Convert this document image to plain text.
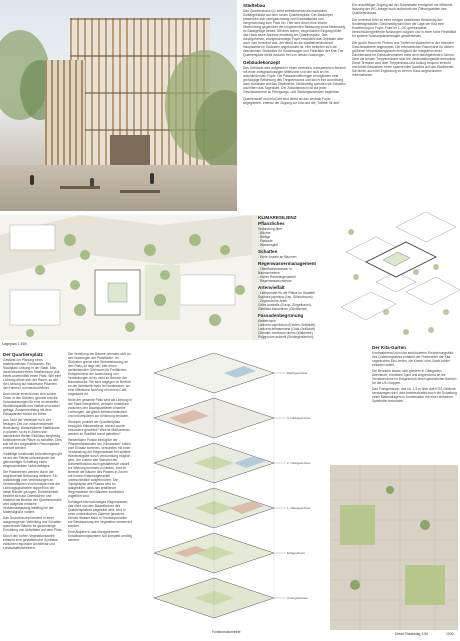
Städtebau

Das Quartiershaus Q1 steht selbstbewusst als markantes Solitärgebäude auf dem neuen Quartiersplatz. Der Baukörper präsentiert sich zweigeschossig zum Kleeblattplatz und viergeschossig zum Platz hin. Hier wird durch eine leichte Überhöhung gegenüber der umgebenden Bebauung seine Bedeutung im Stadtgefüge betont. Mit dem hohen, eingerückten Eingang bildet das Haus seine Adresse eindeutig am Quartiersplatz. Das durchgehende, zweigeschossige Foyer erschließt das Gebäude aber auch vom Innenhof aus, der direkt an die stadtteilverbindende Hauptachse im Südosten angebunden ist. Hier befinden sich die überdachten Stellplätze für Kinderwagen und Fahrräder der Kita. Der Quartiersplatz bleibt dadurch frei von diesen Nutzungen.

Gebäudekonzept

Das Gebäude wird aufgeteilt in einen zentralen, transparenten Bereich mit einer zweigeschossigen Mittelzone und den sich an ihn anschließenden Foyer. Die Fassadenöffnungen ermöglichen eine großzügige Belichtung des Treppenraums und durch ihre Anordnung auch Ausblicke auf das Stadtviertel. Gleichzeitig spenden sie Schatten und filtern das Tageslicht. Der Zwischenraum ist auf jeder Geschossebene zu Reinigungs- und Wartungszwecken begehbar.

Quartierstreff und InfoCafé sind direkt an das zentrale Foyer angegliedert, ebenso der Zugang zur Kita und die „Toilette für alle“.

Ein unauffälliger Zugang auf der Südostseite ermöglicht die effiziente Nutzung der WC-Anlage auch außerhalb der Öffnungszeiten des Quartiershauses.

Der Innenhof führt zu einer ruhigen natürlichen Belichtung der Kindertagesstätte. Gleichzeitig wird über die Lage der Kita eine Erweiterung im Foyer, Flure im 1. OG gemeinsame, bereichsübergreifende Nutzungen möglich und in einer hohe Flexibilität für spätere Nutzungsänderungen gewährleistet.

Der große Raum für Proben und Treffen ist stützenfrei in der obersten Geschossebene angeordnet. Die erforderlichen Raumhöhe für diesen größeren Veranstaltungsraum ermöglicht die Integration einer Dachterrasse im Gebäudevolumen unter dem durchgehenden Schirm. Über die beiden Treppenhäuser sind die Veranstaltungssäle erreichbar. Diese Terrasse wird über Treppenhaus und Aufzug bequem erreicht und bietet Besuchern einen spannenden Ausblick auf das Stadtviertel. Sie bleibt, auch bei Ergänzung zu den im Haus angeordneten Informationen.

Lageplan 1:500

KLIMARESILIENZ

Pflanzliches

Verbindung über

- Bäume

- Beläge

- Fassade

- Wasserspiel

Schatten

- Hohe Anzahl an Bäumen

Regenwassermanagement

- Oberflächenwasser in

Baumscheiben

- Hoher Rasenfugenanteil

- Regenwasserzisterne

Artenvielfalt

- Leitbaumart für die Plätze im Stadtteil

Sophora japonica (Jap. Schnurbaum)

- Zugeordnete Arten

Celtis australis (Europ. Zürgelbaum),

Gleditsia triacanthos (Gleditschie)

Fassadenbegrünung

Kletterrosen

Lonicera caprifolium (Echtes Geißblatt)

Lonicera tellmanniana (Gold-Geißblatt)

Clematis montana rubens (Waldrebe)

Polygonum aubertii (Schlingknöterich)

Der Quartiersplatz

Gestärkt zur Planung eines stadträumlichen Freiraumes. Ein Stadtplatz Leibung in der Stadt. Man durchschreitet einen Straßenraum und betritt unvermittelt einen Platz. Wie eine Lichtung öffnet sich der Raum, so wie die Lichtung auf historische Plazeten, den Himmel, sonnendurchflutet.

Auch heute erreicht man sich solche Orten in den Städten, genutzt und die Voraussetzungen für eine unverstellte Wohlfühlqualität und Vielfalt sind dabei gefragt. Zusammenhang mit dem Klimawandel erklärt sie früher.

Aus Sicht der Verfasser ist in der heutigen Zeit von einschneidender Bedeutung, klimaresiliente Stadträume zu planen, so es in Zeiten sich wandelnder Wetter Einflüsse langfristig funktionierende Plätze zu schaffen. Dies soll mit der vorgestellten Planungsidee erreicht werden.

Vielfältige funktionale Anforderungen gilt es auf der Fläche untereinander bei gleichzeitiger Schaffung eines eingeschränkten Nutzerbelages.

Die Platzebenen werden durch die angrenzende Bebauung definiert. Ein unabhängig vom Verbindungen an Verkehrsflächen sind konzipiert wie die Lichtungsgeometrie doppelt bei der diese Ränder gezogen. Einheitlichkeit besteht sich auf Oberflächen und Material mit Bereich der Quartiersstraße wird aufgelöst einfache Verkehrsbelastung leitfähig bei der Materialgröße variiert.

Das Grundkonzept besteht in einer ausgewogenen Verteilung und Schatten spendender Bäume für gleichzeitige Errichtung von Aktivitäten auf dem Platz.

Durch den hohen Vegetationsanteil entsteht eine gestalterische Synthese zwischen regionaler Architektur und Landschaftsrichtlinien.

Die Verteilung der Bäume orientiert sich an den Nutzungen der Platzfläche. Im Südosten grenzt eine Wohnbebauung an den Platz, so liegt hier, hier einen verbleibenden Grünraum für Freiflächen. Entsprechend der Ausrichtung von Verbindungen ist es nicht im Bereich der Baumstruktur. Sie sind dagegen im Bereich an der Westseite mehr im Nordwesten, wo eine öffentliche Nutzung mit einem Café angedacht ist.

Nicht der gesamte Platz wird als Lichtung in der Stadt interpretiert, vielmehr entstehen zwischen den Baumquartieren einzelne Lichtungen, die gleich selbstverständlich und unkompliziert zur Erfahrung einladen.

Wodurch punktet der Quartiersplatz bezüglich Klimaresilienz, worauf wurde besonders geachtet? Welche Maßnahmen werden im Stadtteil sonst getroffen?

Wesentliche Punkte bezüglich der Pflanzenbestandes am „Klimaanker“ sollen zum Einsatz kommen, verbunden mit einer Verdunstung der Regenwasser bei spätere Wiederabgabe durch Verdunstung möglich wird. Um zudem den Standort der Sammelfunktion auch gestalterisch visuell zur Wirkung kommen zu lassen, wird im Bereich die Bäume des Platzes in Zonen mit hohem Rasenfugenanteil unterschiedlich aufgebrochen. Die Topographie des Platzes wird so ausgebildet, dass das anfallende Regenwasser den Bäumen zumindest zugeführt wird.

Sonstiges überschüssiges Regenwasser, das nicht von den Baumflächen des Quartiersplatzes abgeleitet wird, wird in einer unterirdischen Zisterne gesichert. Dieses Wasser kann in Trockenperioden zur Bewässerung der Vegetation verwendet werden.

Eine Abgabe in das übergeordnete Entwässerungssystem soll komplett unnötig werden.

Dachgeschoss
3. Obergeschoss
2. Obergeschoss
1. Obergeschoss
Erdgeschoss
Untergeschoss
Funktionsisometrie

Der Kita-Garten

Kontrastierend zum klar strukturierten Erscheinungsbild des Quartiersplatzes entsteht der Freibereich der Kita organisches Ein Lernen, die Kinder zum „Nach-toben“ einladen sollen.

Die Bereiche lassen sich gliedern in Obstgarten, Abenteuer, Kreatives Spiel und Angrenzend an die Terrassenzone im Erdgeschoß einen geschützten Bereich für die U3-Gruppen.

Das Trafogebäude, das ca. 1,3 m über das KITA Gelände herausragen wird, wird bewirtschaftet durch die Schaffung eines Materiallagers in Kombination mit einer einfachen Spielhütte verbunden.

Detail Platzbelag 1:50	1000
